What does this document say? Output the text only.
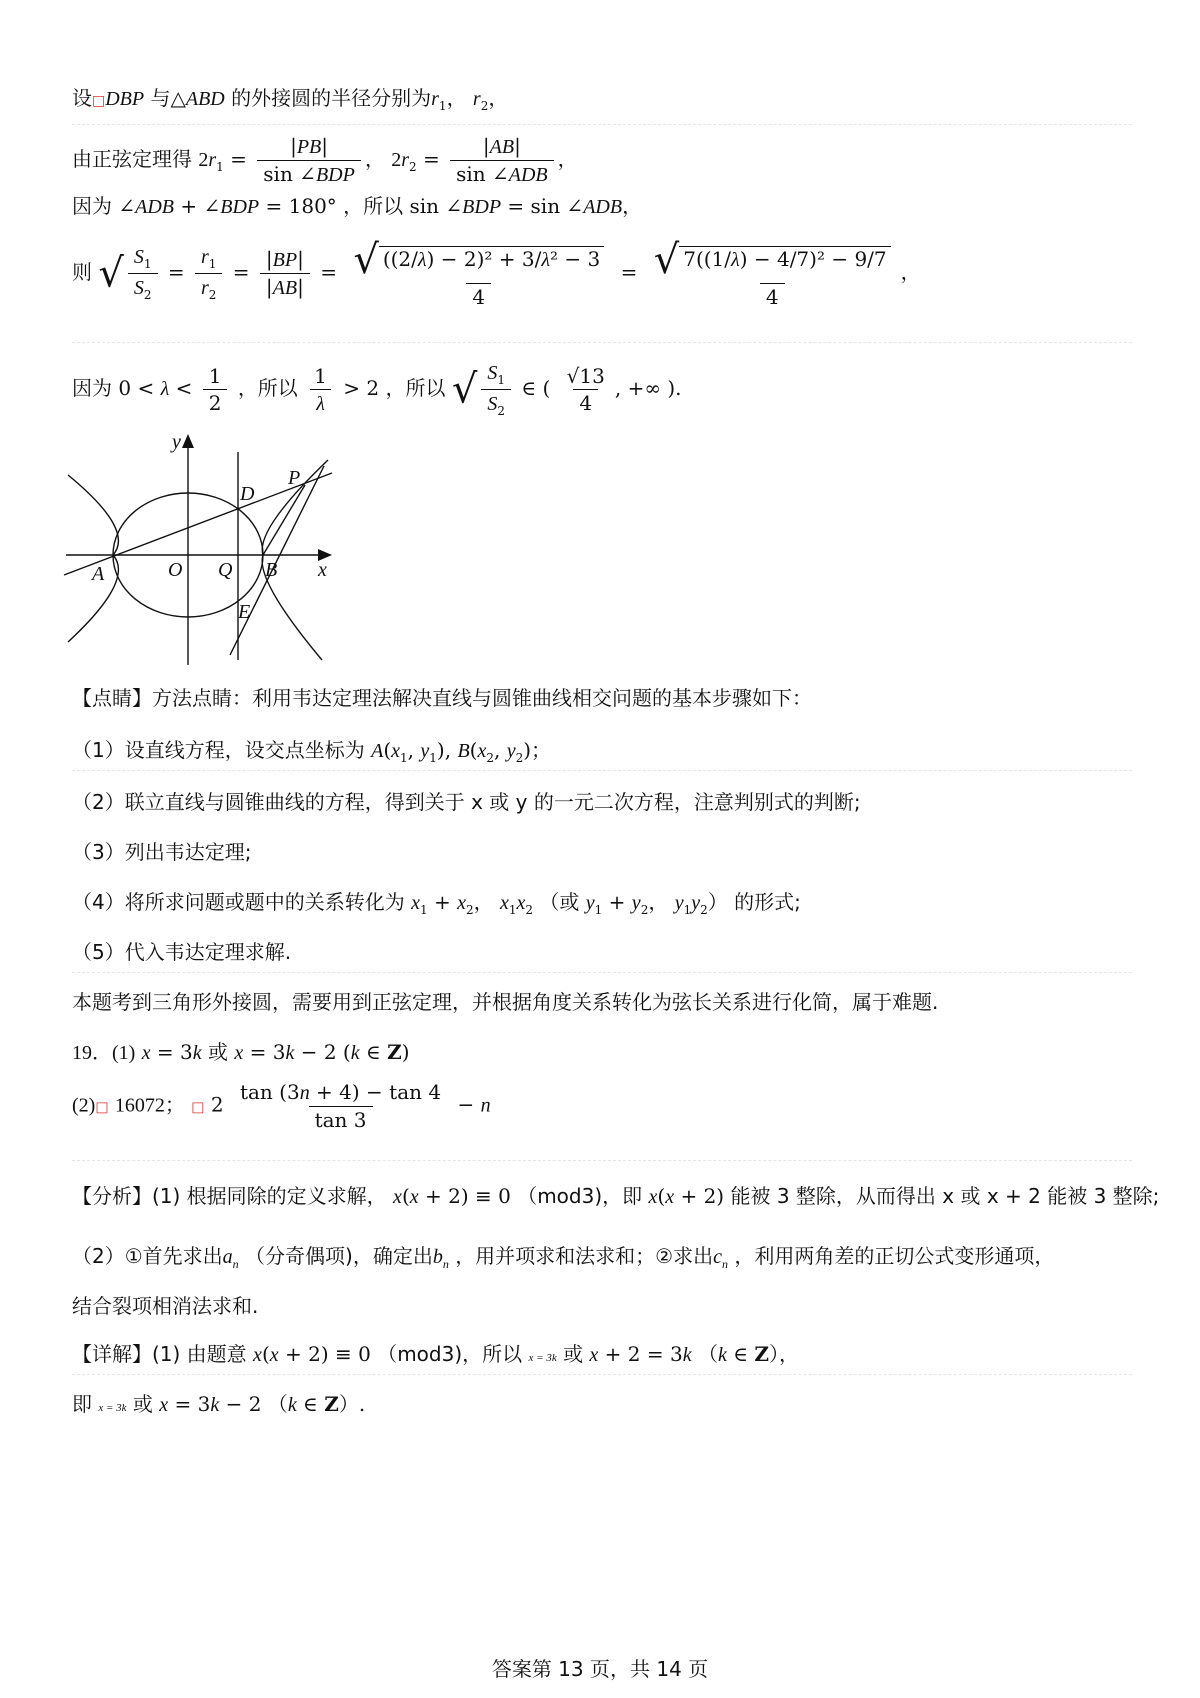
设□DBP 与△ABD 的外接圆的半径分别为$r_1$， $r_2$，
由正弦定理得 $2r_1 = \frac{|PB|}{\text{sin ∠BDP}}$ ， $2r_2 = \frac{|AB|}{\text{sin ∠ADB}}$ ，
因为 ∠ADB + ∠BDP = 180° ，所以 sin ∠BDP = sin ∠ADB，
则 √ $\frac{S_1}{S_2} = \frac{r_1}{r_2} = \frac{|BP|}{|AB|} = \frac{\text{√ ((2/λ) − 2)² + 3/λ² − 3}}{4} = \frac{\text{√ 7((1/λ) − 4/7)² − 9/7}}{4}$ ，
因为 $0 < \lambda < \frac{1}{2}$ ，所以 $\frac{1}{\lambda} > 2$ ，所以 √ $\frac{S_1}{S_2}$ ∈ ( $\frac{√13}{4}$ , +∞ ).
y
x
A	O Q B
D
E
P
【点睛】方法点睛：利用韦达定理法解决直线与圆锥曲线相交问题的基本步骤如下：
（1）设直线方程，设交点坐标为 $A(x_1$, $y_1$), $B(x_2$, $y_2$)；
（2）联立直线与圆锥曲线的方程，得到关于 x 或 y 的一元二次方程，注意判别式的判断;
（3）列出韦达定理;
（4）将所求问题或题中的关系转化为 $x_1 + x_2$， $x_1x_2$ （或 $y_1 + y_2$， $y_1y_2$） 的形式;
（5）代入韦达定理求解.
本题考到三角形外接圆，需要用到正弦定理，并根据角度关系转化为弦长关系进行化简，属于难题.
19．(1) x = 3k 或 x = 3k − 2 (k ∈ Z)
(2)□ 16072； □ $2 \frac{\tan (3n + 4) - \tan 4}{\tan 3} - n$
【分析】(1) 根据同除的定义求解， x(x + 2) ≡ 0 （mod3)，即 x(x + 2) 能被 3 整除，从而得出 x 或 x + 2 能被 3 整除;
（2）①首先求出$a_n$ （分奇偶项)，确定出$b_n$ ，用并项求和法求和；②求出$c_n$ ，利用两角差的正切公式变形通项，
结合裂项相消法求和.
【详解】(1) 由题意 x(x + 2) ≡ 0 （mod3)，所以 x = 3k 或 x + 2 = 3k （k ∈ Z），
即 x = 3k 或 x = 3k − 2 （k ∈ Z）.
答案第 13 页，共 14 页
